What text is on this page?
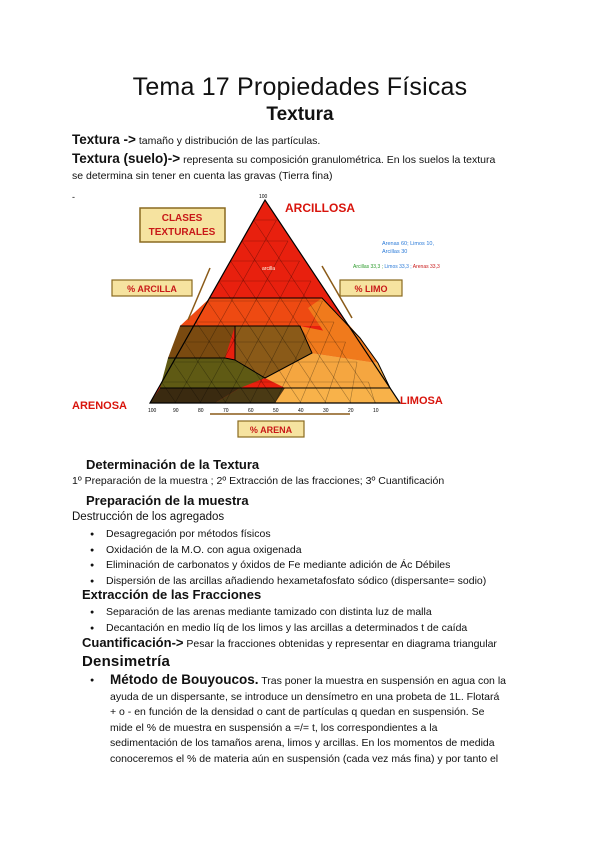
Tema 17 Propiedades Físicas
Textura
Textura -> tamaño y distribución de las partículas.
Textura (suelo)-> representa su composición granulométrica. En los suelos la textura
se determina sin tener en cuenta las gravas (Tierra fina)
-
arcilla
100
CLASES
TEXTURALES
ARCILLOSA
ARENOSA	LIMOSA
% ARCILLA	% LIMO
% ARENA
Arenas 60; Limos 10,
Arcillas 30
Arcillas 33,3 ; Limos 33,3 ; Arenas 33,3
100	90	80	70	60	50	40	30	20	10
Determinación de la Textura
1º Preparación de la muestra ; 2º Extracción de las fracciones; 3º Cuantificación
Preparación de la muestra
Destrucción de los agregados
● Desagregación por métodos físicos
● Oxidación de la M.O. con agua oxigenada
● Eliminación de carbonatos y óxidos de Fe mediante adición de Ác Débiles
● Dispersión de las arcillas añadiendo hexametafosfato sódico (dispersante= sodio)
Extracción de las Fracciones
● Separación de las arenas mediante tamizado con distinta luz de malla
● Decantación en medio líq de los limos y las arcillas a determinados t de caída
Cuantificación-> Pesar la fracciones obtenidas y representar en diagrama triangular
Densimetría
● Método de Bouyoucos. Tras poner la muestra en suspensión en agua con la
ayuda de un dispersante, se introduce un densímetro en una probeta de 1L. Flotará
+ o - en función de la densidad o cant de partículas q quedan en suspensión. Se
mide el % de muestra en suspensión a =/= t, los correspondientes a la
sedimentación de los tamaños arena, limos y arcillas. En los momentos de medida
conoceremos el % de materia aún en suspensión (cada vez más fina) y por tanto el
